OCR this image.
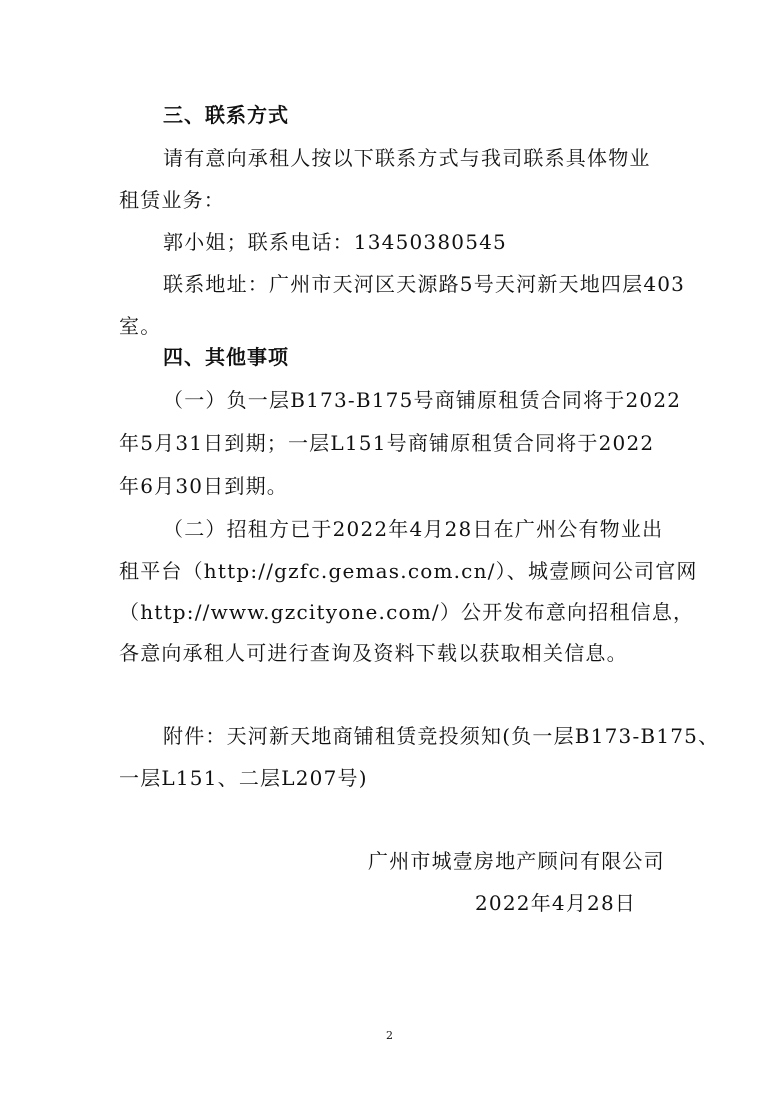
三、联系方式
请有意向承租人按以下联系方式与我司联系具体物业
租赁业务：
郭小姐；联系电话：13450380545
联系地址：广州市天河区天源路5号天河新天地四层403
室。
四、其他事项
（一）负一层B173-B175号商铺原租赁合同将于2022
年5月31日到期；一层L151号商铺原租赁合同将于2022
年6月30日到期。
（二）招租方已于2022年4月28日在广州公有物业出
租平台（http://gzfc.gemas.com.cn/）、城壹顾问公司官网
（http://www.gzcityone.com/）公开发布意向招租信息，
各意向承租人可进行查询及资料下载以获取相关信息。
附件：天河新天地商铺租赁竞投须知(负一层B173-B175、
一层L151、二层L207号)
广州市城壹房地产顾问有限公司
2022年4月28日
2
